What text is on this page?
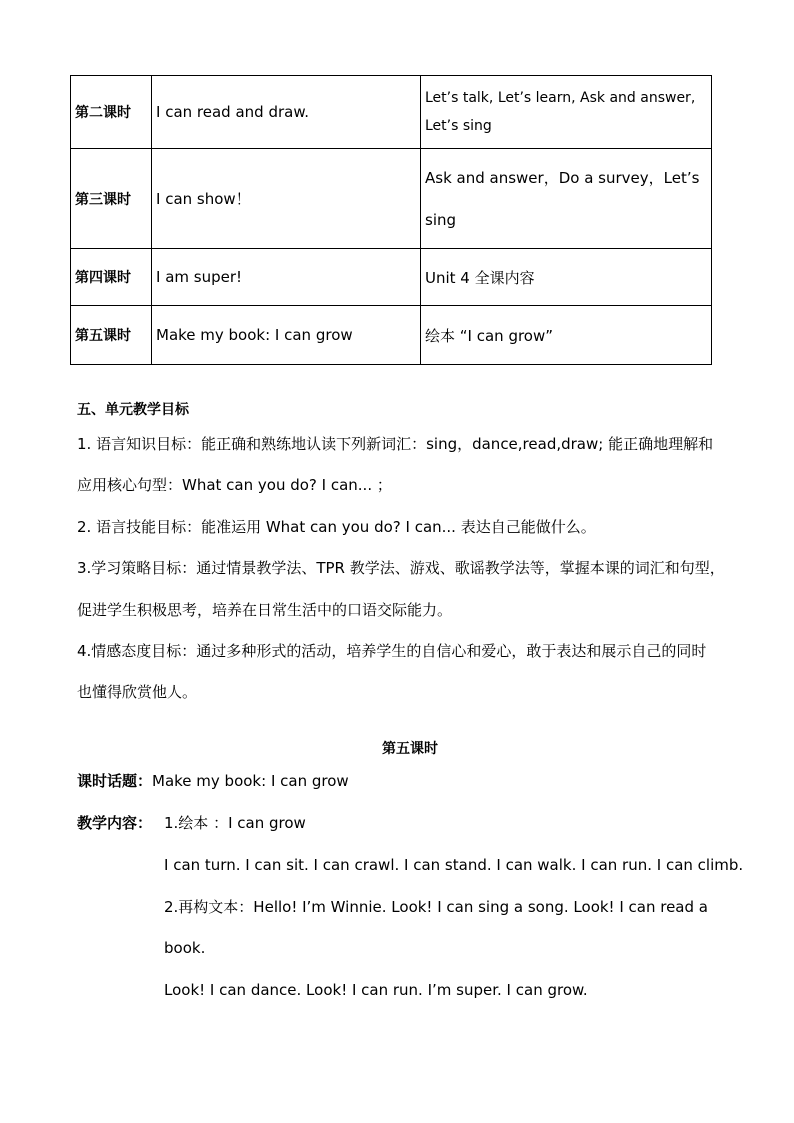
第二课时	I can read and draw.	Let’s talk, Let’s learn, Ask and answer,
Let’s sing

第三课时	I can show！	Ask and answer，Do a survey，Let’s
sing

第四课时	I am super!	Unit 4 全课内容
第五课时	Make my book: I can grow	绘本 “I can grow”
五、单元教学目标
1. 语言知识目标：能正确和熟练地认读下列新词汇：sing，dance,read,draw; 能正确地理解和
应用核心句型：What can you do? I can... ；
2. 语言技能目标：能准运用 What can you do? I can... 表达自己能做什么。
3.学习策略目标：通过情景教学法、TPR 教学法、游戏、歌谣教学法等，掌握本课的词汇和句型，
促进学生积极思考，培养在日常生活中的口语交际能力。
4.情感态度目标：通过多种形式的活动，培养学生的自信心和爱心，敢于表达和展示自己的同时
也懂得欣赏他人。
第五课时
课时话题：Make my book: I can grow
教学内容： 1.绘本 ：I can grow
I can turn. I can sit. I can crawl. I can stand. I can walk. I can run. I can climb.
2.再构文本：Hello! I’m Winnie. Look! I can sing a song. Look! I can read a
book.
Look! I can dance. Look! I can run. I’m super. I can grow.
